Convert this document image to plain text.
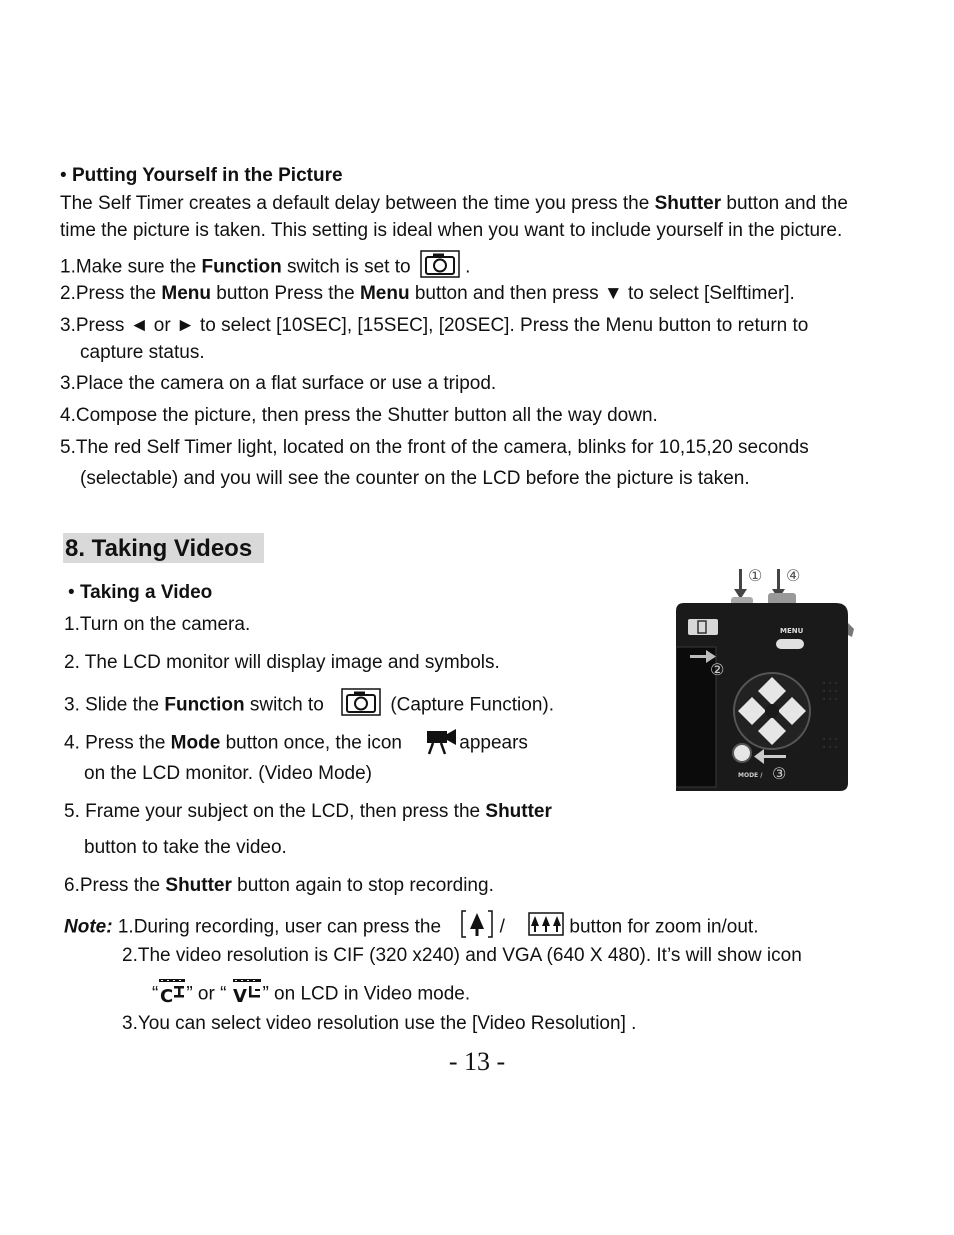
• Putting Yourself in the Picture
The Self Timer creates a default delay between the time you press the Shutter button and the
time the picture is taken. This setting is ideal when you want to include yourself in the picture.
1.Make sure the Function switch is set to	.
2.Press the Menu button Press the Menu button and then press ▼ to select [Selftimer].
3.Press ◄ or ► to select [10SEC], [15SEC], [20SEC]. Press the Menu button to return to
capture status.
3.Place the camera on a flat surface or use a tripod.
4.Compose the picture, then press the Shutter button all the way down.
5.The red Self Timer light, located on the front of the camera, blinks for 10,15,20 seconds
(selectable) and you will see the counter on the LCD before the picture is taken.
8. Taking Videos
• Taking a Video
1.Turn on the camera.
2. The LCD monitor will display image and symbols.
3. Slide the Function switch to	(Capture Function).
4. Press the Mode button once, the icon	appears
on the LCD monitor. (Video Mode)
5. Frame your subject on the LCD, then press the Shutter
button to take the video.
6.Press the Shutter button again to stop recording.
Note: 1.During recording, user can press the	/	button for zoom in/out.
2.The video resolution is CIF (320 x240) and VGA (640 X 480). It’s will show icon
“ C ” or “ V ” on LCD in Video mode.
3.You can select video resolution use the [Video Resolution] .
① ④
MENU
②
MODE / ③
- 13 -
